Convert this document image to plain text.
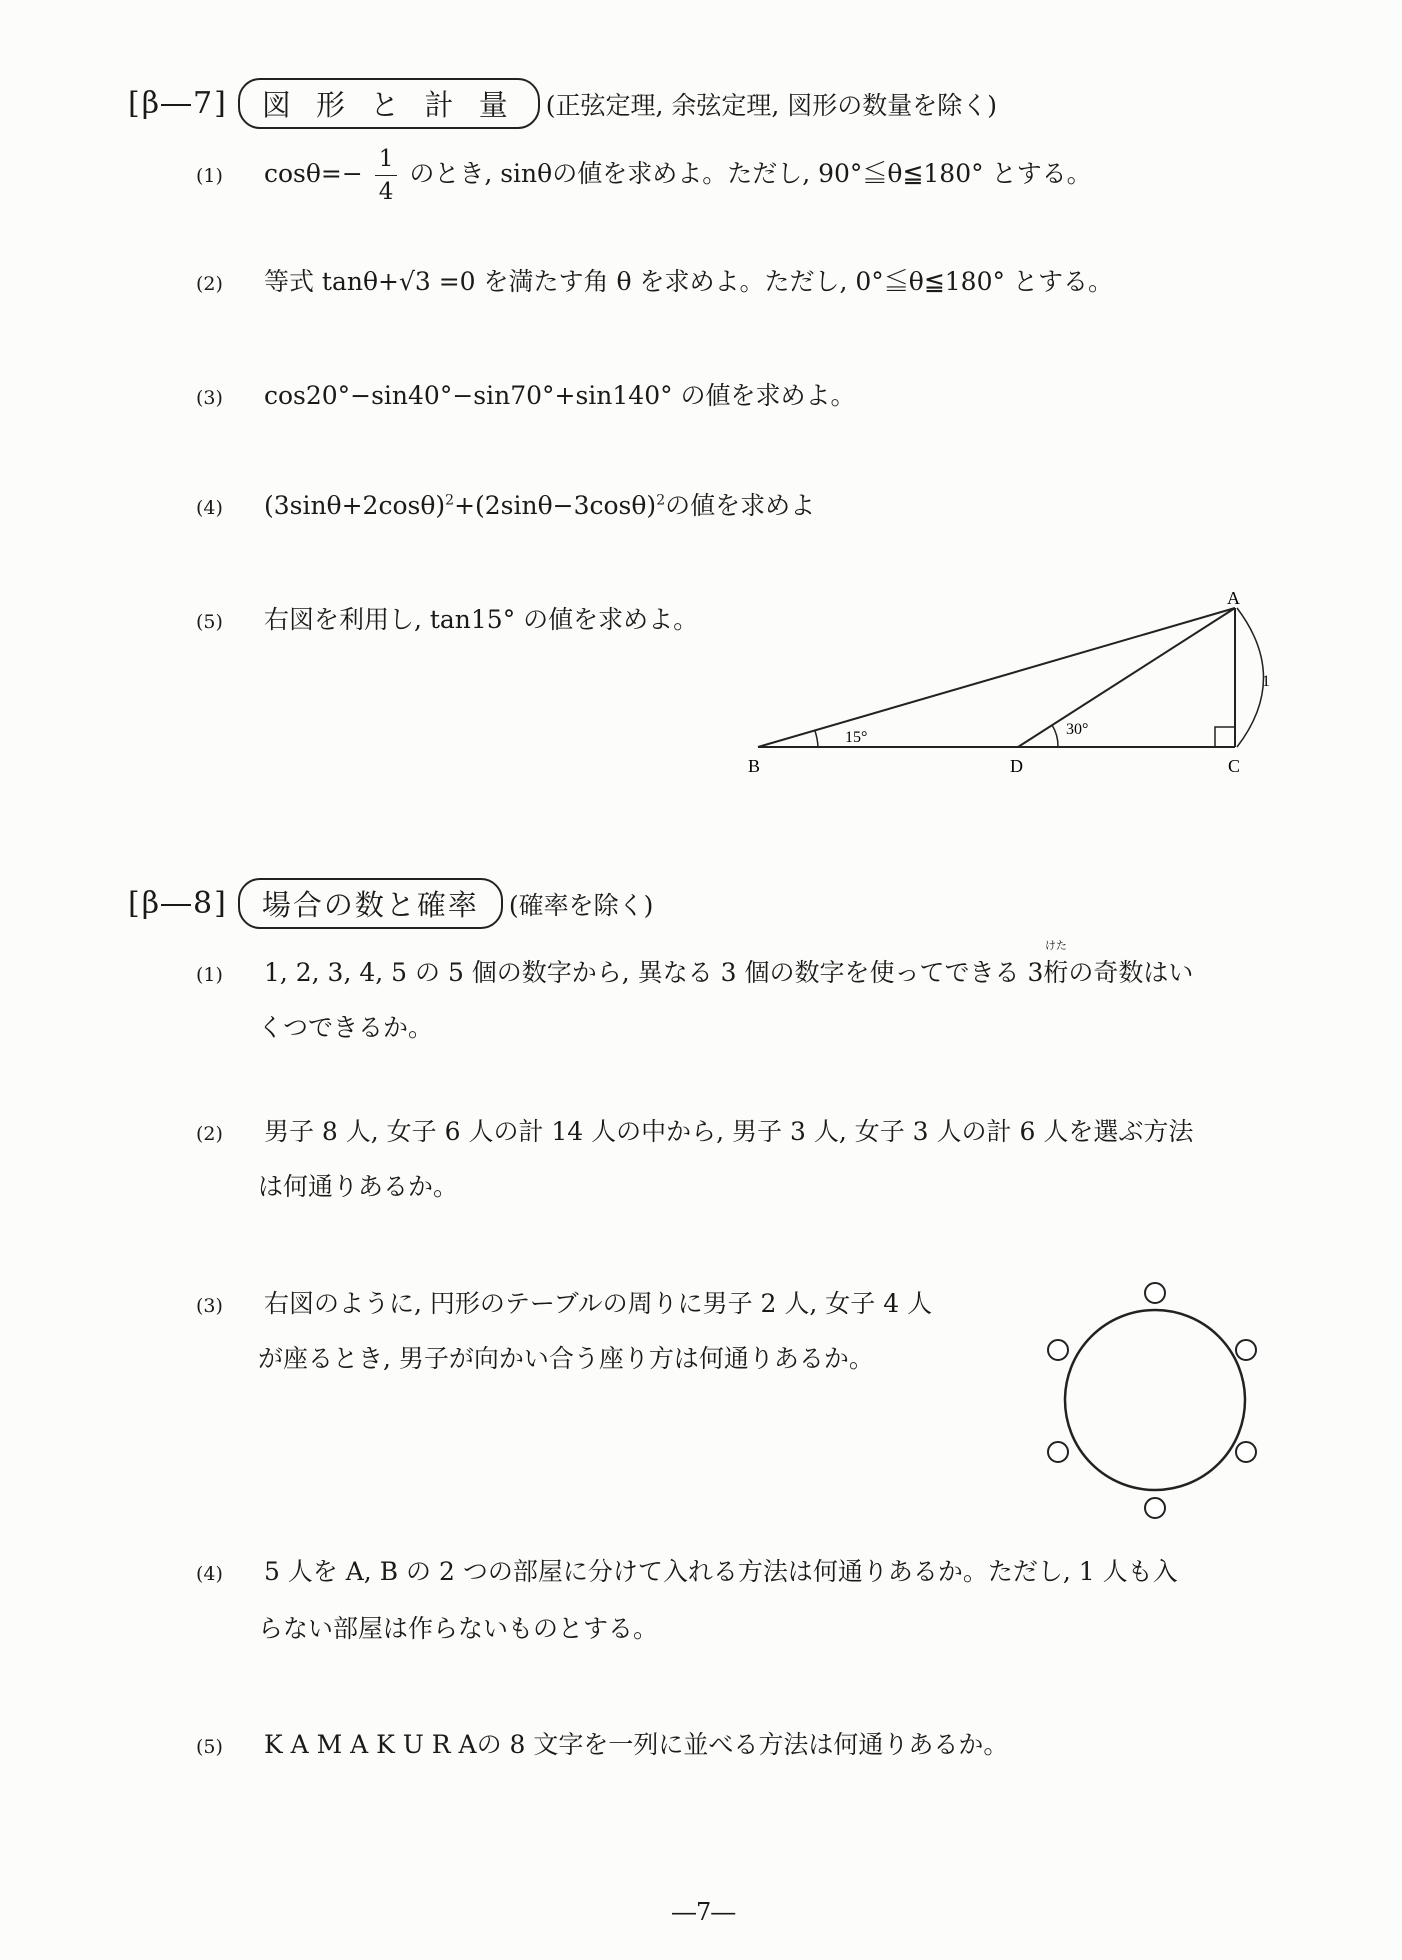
[β―7]	図 形 と 計 量	(正弦定理, 余弦定理, 図形の数量を除く)
(1) $\cos\theta=- \frac{1}{4}$ のとき, sinθの値を求めよ。ただし, 90°≦θ≦180° とする。
(2) 等式 tanθ+√3 =0 を満たす角 θ を求めよ。ただし, 0°≦θ≦180° とする。
(3) cos20°−sin40°−sin70°+sin140° の値を求めよ。
(4) $(3\sin\theta+2\cos\theta)^2+(2\sin\theta-3\cos\theta)^2$の値を求めよ
(5) 右図を利用し, tan15° の値を求めよ。
A
B	C
D
15°	30°
1
[β―8]	場合の数と確率	(確率を除く)
(1) 1, 2, 3, 4, 5 の 5 個の数字から, 異なる 3 個の数字を使ってできる 3
けた
桁の奇数はい
くつできるか。
(2) 男子 8 人, 女子 6 人の計 14 人の中から, 男子 3 人, 女子 3 人の計 6 人を選ぶ方法
は何通りあるか。
(3) 右図のように, 円形のテーブルの周りに男子 2 人, 女子 4 人
が座るとき, 男子が向かい合う座り方は何通りあるか。
(4) 5 人を A, B の 2 つの部屋に分けて入れる方法は何通りあるか。ただし, 1 人も入
らない部屋は作らないものとする。
(5) K A M A K U R Aの 8 文字を一列に並べる方法は何通りあるか。
―7―
